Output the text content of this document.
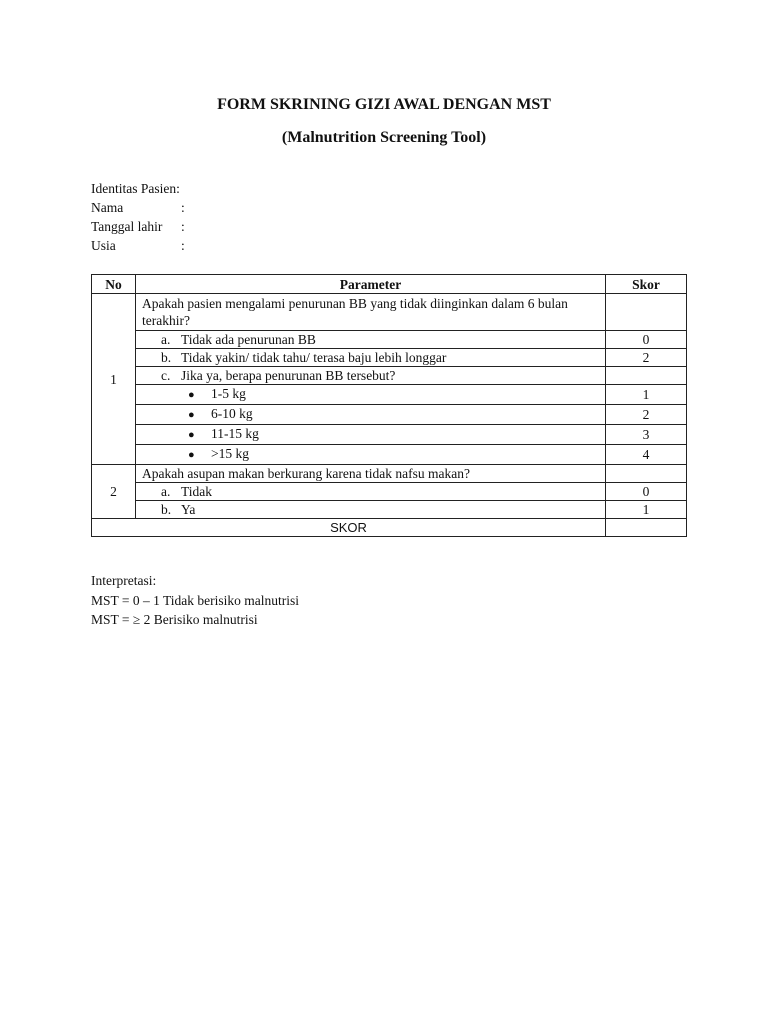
FORM SKRINING GIZI AWAL DENGAN MST
(Malnutrition Screening Tool)
Identitas Pasien:
Nama	:
Tanggal lahir :
Usia	:
No	Parameter	Skor
1	Apakah pasien mengalami penurunan BB yang tidak diinginkan dalam 6 bulan terakhir?	
	a. Tidak ada penurunan BB	0
	b. Tidak yakin/ tidak tahu/ terasa baju lebih longgar	2
	c. Jika ya, berapa penurunan BB tersebut?	
	● 1-5 kg	1
	● 6-10 kg	2
	● 11-15 kg	3
	● >15 kg	4
2	Apakah asupan makan berkurang karena tidak nafsu makan?	
	a. Tidak	0
	b. Ya	1
SKOR		
Interpretasi:
MST = 0 – 1 Tidak berisiko malnutrisi
MST = ≥ 2 Berisiko malnutrisi
